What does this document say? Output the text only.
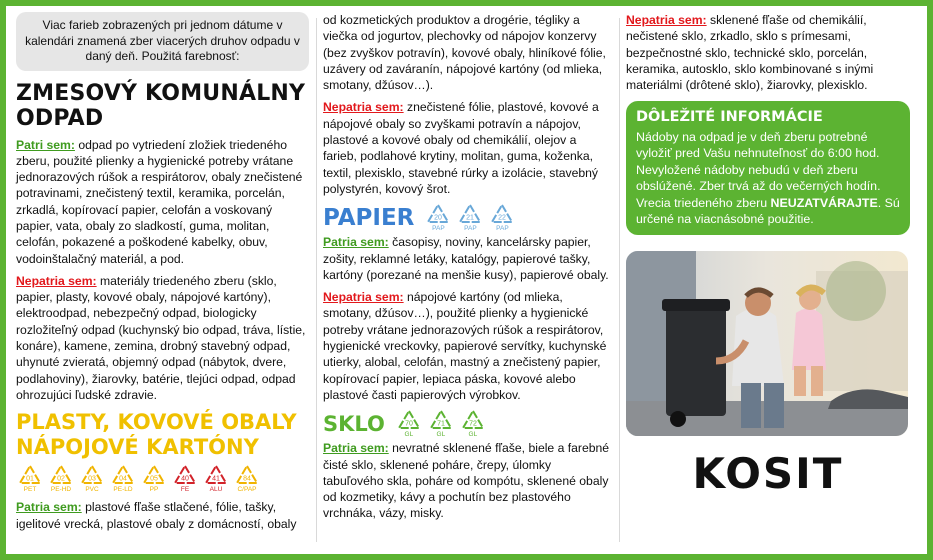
Viac farieb zobrazených pri jednom dátume v kalendári znamená zber viacerých druhov odpadu v daný deň. Použitá farebnosť:
ZMESOVÝ KOMUNÁLNY ODPAD

Patri sem: odpad po vytriedení zložiek triedeného zberu, použité plienky a hygienické potreby vrátane jednorazových rúšok a respirátorov, obaly znečistené potravinami, znečistený textil, keramika, porcelán, zrkadlá, kopírovací papier, celofán a voskovaný papier, vata, obaly zo sladkostí, guma, molitan, celofán, pokazené a poškodené kabelky, obuv, vodoinštalačný materiál, a pod.

Nepatria sem: materiály triedeného zberu (sklo, papier, plasty, kovové obaly, nápojové kartóny), elektroodpad, nebezpečný odpad, biologicky rozložiteľný odpad (kuchynský bio odpad, tráva, lístie, konáre), kamene, zemina, drobný stavebný odpad, uhynuté zvieratá, objemný odpad (nábytok, dvere, podlahoviny), žiarovky, batérie, tlejúci odpad, odpad ohrozujúci ľudské zdravie.

PLASTY, KOVOVÉ OBALY NÁPOJOVÉ KARTÓNY
01
PET
02
PE-HD
03
PVC
04
PE-LD
05
PP
40
FE
41
ALU
84
C/PAP

Patria sem: plastové fľaše stlačené, fólie, tašky, igelitové vrecká, plastové obaly z domácností, obaly

od kozmetických produktov a drogérie, tégliky a viečka od jogurtov, plechovky od nápojov konzervy (bez zvyškov potravín), kovové obaly, hliníkové fólie, uzávery od zaváranín, nápojové kartóny (od mlieka, smotany, džúsov…).

Nepatria sem: znečistené fólie, plastové, kovové a nápojové obaly so zvyškami potravín a nápojov, plastové a kovové obaly od chemikálií, olejov a farieb, podlahové krytiny, molitan, guma, koženka, textil, plexisklo, stavebné rúrky a izolácie, stavebný polystyrén, kovový šrot.

PAPIER	20
PAP
21
PAP
22
PAP

Patria sem: časopisy, noviny, kancelársky papier, zošity, reklamné letáky, katalógy, papierové tašky, kartóny (porezané na menšie kusy), papierové obaly.

Nepatria sem: nápojové kartóny (od mlieka, smotany, džúsov…), použité plienky a hygienické potreby vrátane jednorazových rúšok a respirátorov, hygienické vreckovky, papierové servítky, kuchynské utierky, alobal, celofán, mastný a znečistený papier, kopírovací papier, lepiaca páska, kovové alebo plastové časti papierových výrobkov.

SKLO	70
GL
71
GL
72
GL

Patria sem: nevratné sklenené fľaše, biele a farebné čisté sklo, sklenené poháre, črepy, úlomky tabuľového skla, poháre od kompótu, sklenené obaly od kozmetiky, kávy a pochutín bez plastového vrchnáka, vázy, misky.

Nepatria sem: sklenené fľaše od chemikálií, nečistené sklo, zrkadlo, sklo s prímesami, bezpečnostné sklo, technické sklo, porcelán, keramika, autosklo, sklo kombinované s inými materiálmi (drôtené sklo), žiarovky, plexisklo.

DÔLEŽITÉ INFORMÁCIE
Nádoby na odpad je v deň zberu potrebné vyložiť pred Vašu nehnuteľnosť do 6:00 hod. Nevyložené nádoby nebudú v deň zberu obslúžené. Zber trvá až do večerných hodín. Vrecia triedeného zberu NEUZATVÁRAJTE. Sú určené na viacnásobné použitie.
KOSIT
